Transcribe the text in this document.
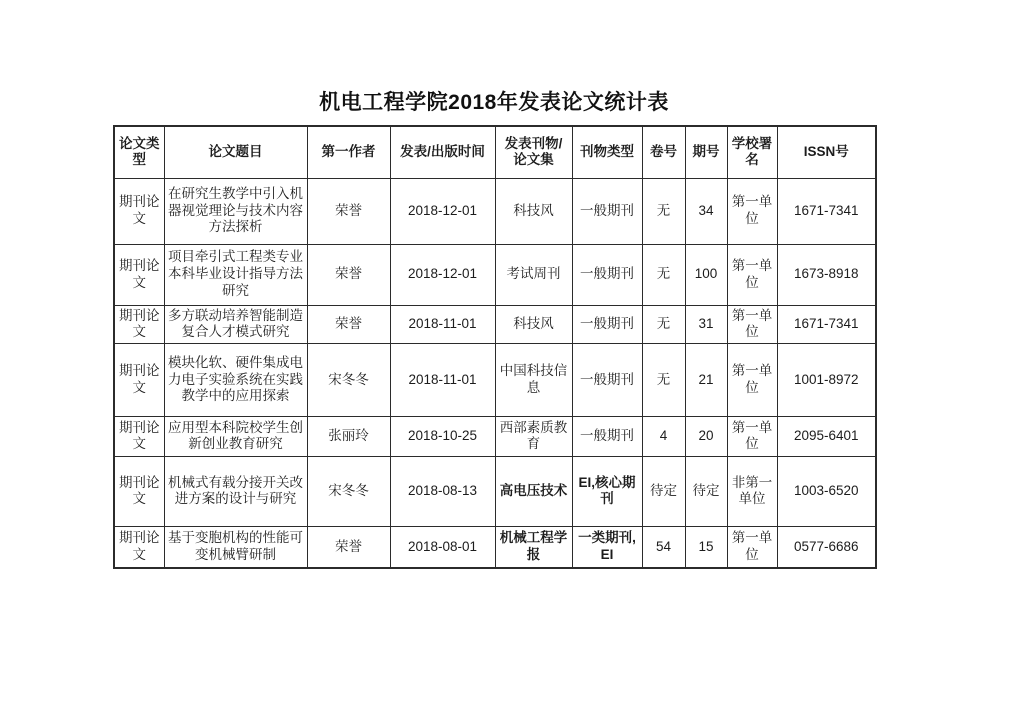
机电工程学院2018年发表论文统计表
论文类型	论文题目	第一作者	发表/出版时间	发表刊物/论文集	刊物类型	卷号	期号	学校署名	ISSN号
期刊论文	在研究生教学中引入机器视觉理论与技术内容方法探析	荣誉	2018-12-01	科技风	一般期刊	无	34	第一单位	1671-7341
期刊论文	项目牵引式工程类专业本科毕业设计指导方法研究	荣誉	2018-12-01	考试周刊	一般期刊	无	100	第一单位	1673-8918
期刊论文	多方联动培养智能制造复合人才模式研究	荣誉	2018-11-01	科技风	一般期刊	无	31	第一单位	1671-7341
期刊论文	模块化软、硬件集成电力电子实验系统在实践教学中的应用探索	宋冬冬	2018-11-01	中国科技信息	一般期刊	无	21	第一单位	1001-8972
期刊论文	应用型本科院校学生创新创业教育研究	张丽玲	2018-10-25	西部素质教育	一般期刊	4	20	第一单位	2095-6401
期刊论文	机械式有载分接开关改进方案的设计与研究	宋冬冬	2018-08-13	高电压技术	EI,核心期刊	待定	待定	非第一单位	1003-6520
期刊论文	基于变胞机构的性能可变机械臂研制	荣誉	2018-08-01	机械工程学报	一类期刊,EI	54	15	第一单位	0577-6686
